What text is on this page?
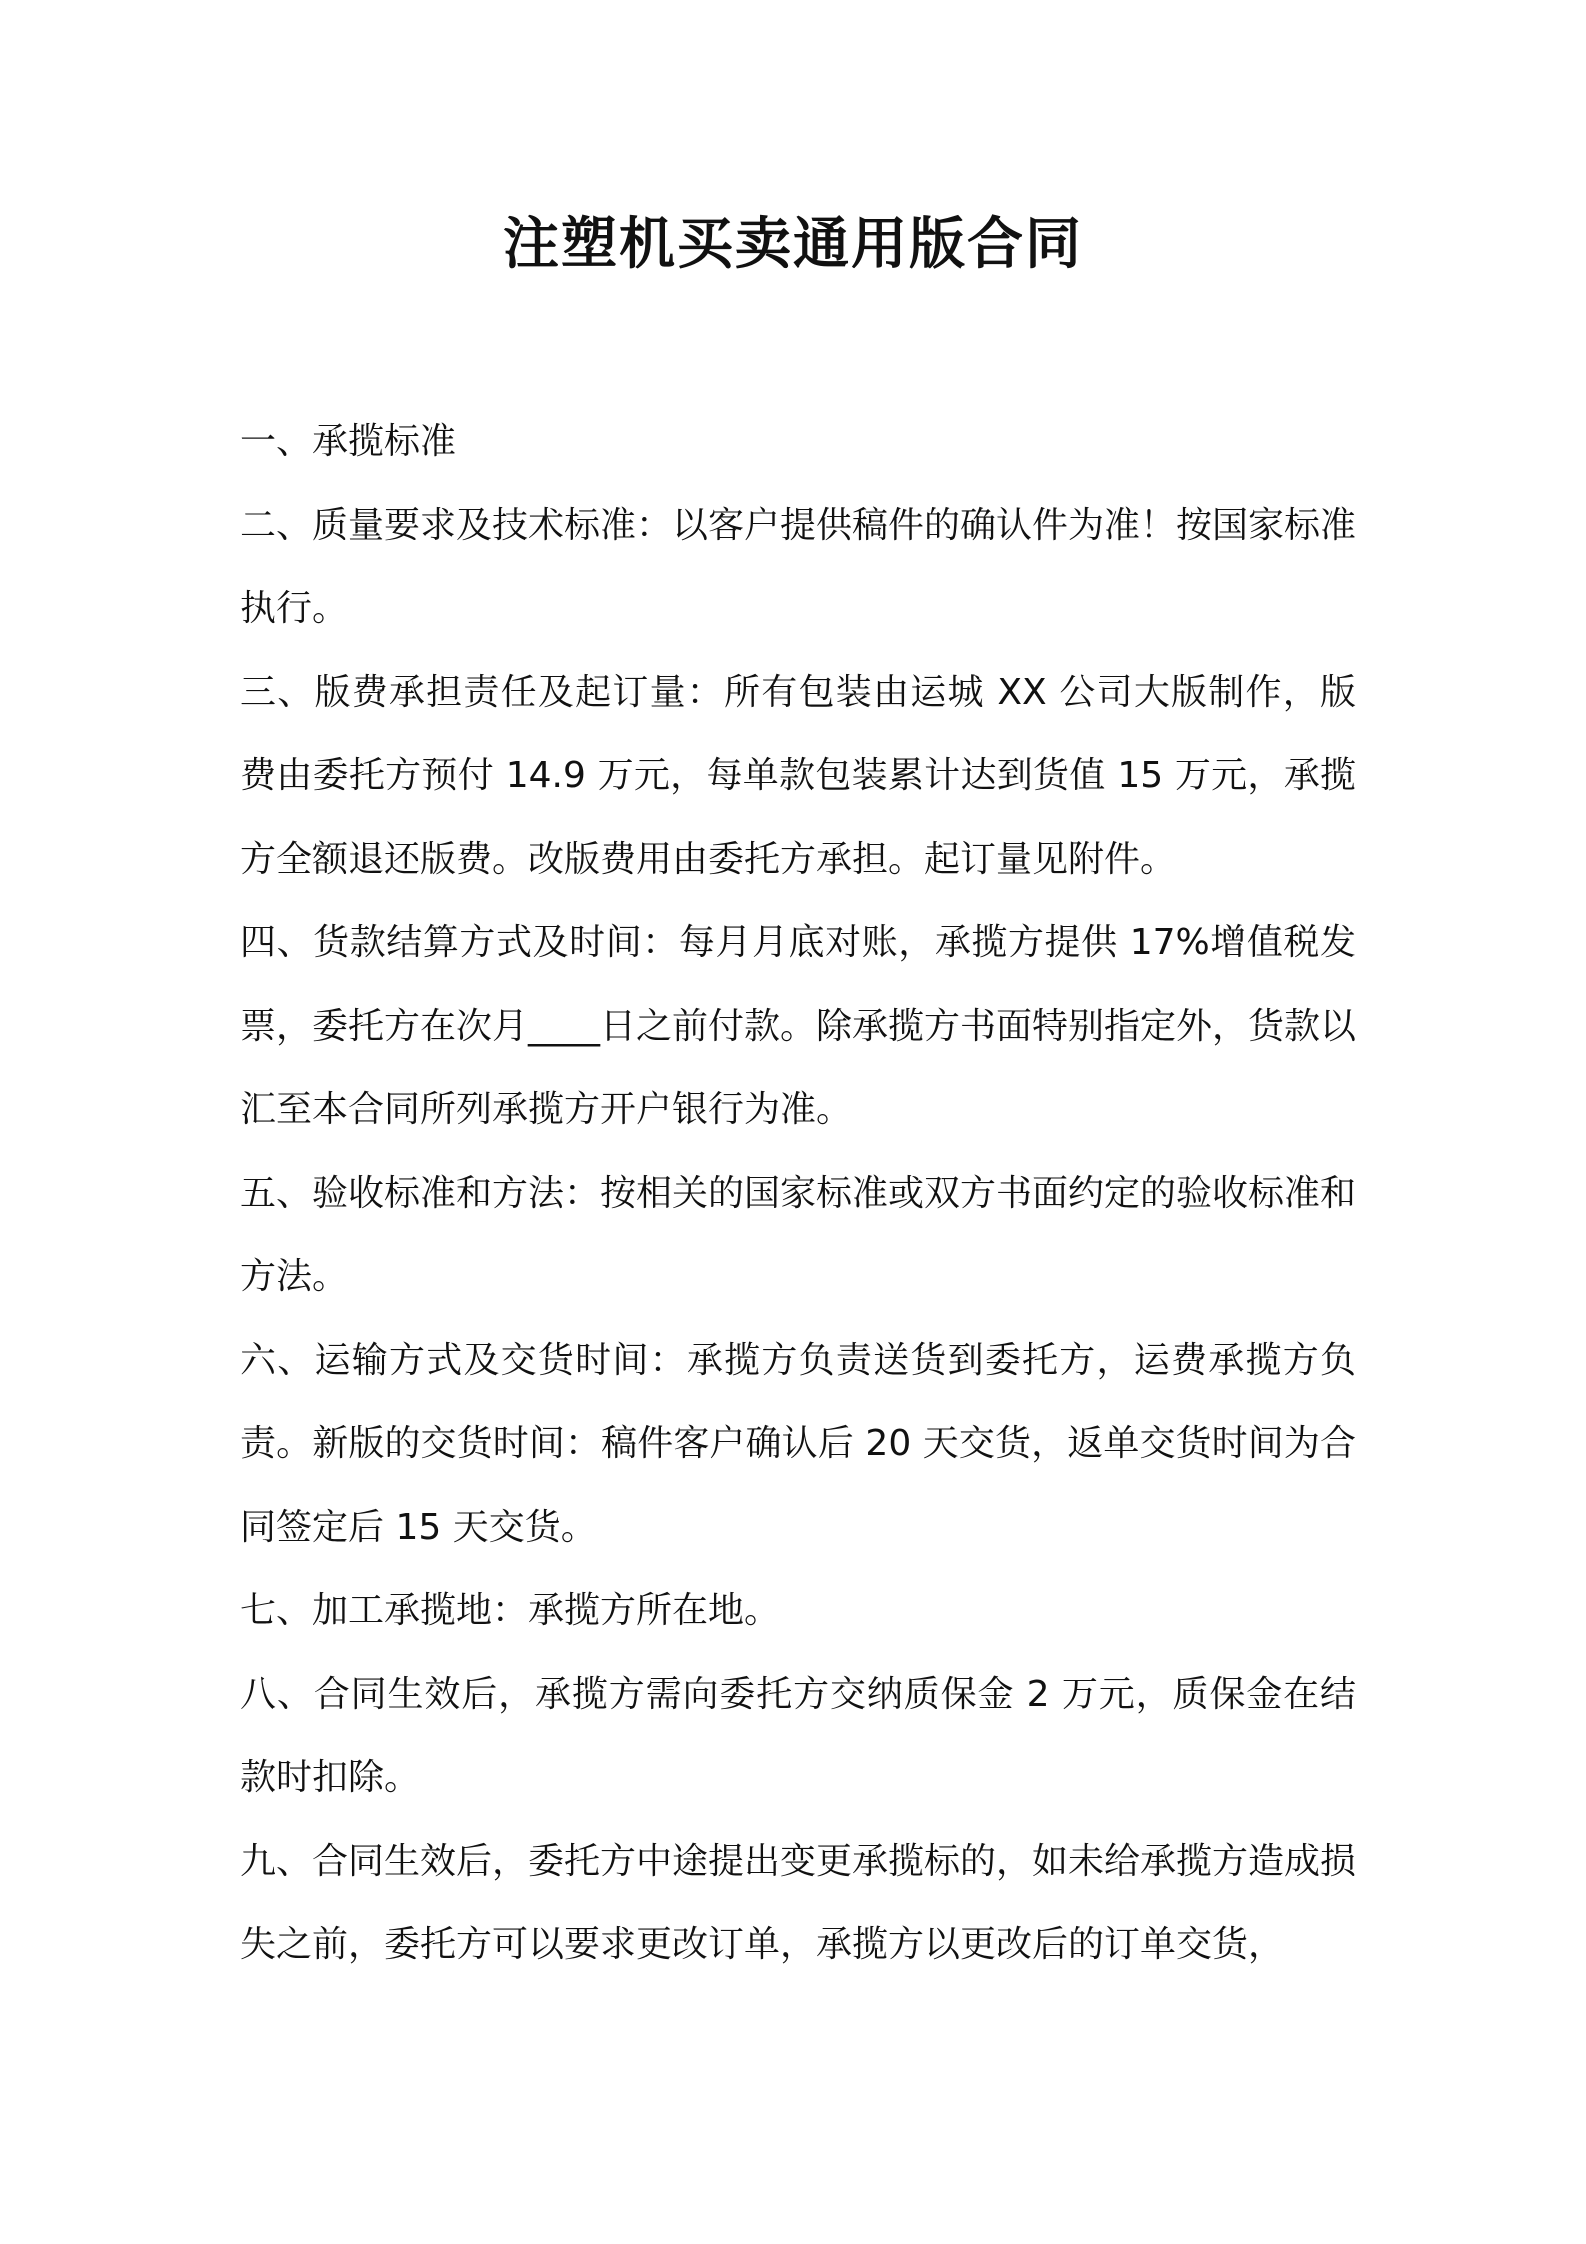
注塑机买卖通用版合同

一、承揽标准

二、质量要求及技术标准：以客户提供稿件的确认件为准！按国家标准执行。

三、版费承担责任及起订量：所有包装由运城 XX 公司大版制作，版费由委托方预付 14.9 万元，每单款包装累计达到货值 15 万元，承揽方全额退还版费。改版费用由委托方承担。起订量见附件。

四、货款结算方式及时间：每月月底对账，承揽方提供 17%增值税发票，委托方在次月____日之前付款。除承揽方书面特别指定外，货款以汇至本合同所列承揽方开户银行为准。

五、验收标准和方法：按相关的国家标准或双方书面约定的验收标准和方法。

六、运输方式及交货时间：承揽方负责送货到委托方，运费承揽方负责。新版的交货时间：稿件客户确认后 20 天交货，返单交货时间为合同签定后 15 天交货。

七、加工承揽地：承揽方所在地。

八、合同生效后，承揽方需向委托方交纳质保金 2 万元，质保金在结款时扣除。

九、合同生效后，委托方中途提出变更承揽标的，如未给承揽方造成损失之前，委托方可以要求更改订单，承揽方以更改后的订单交货，
